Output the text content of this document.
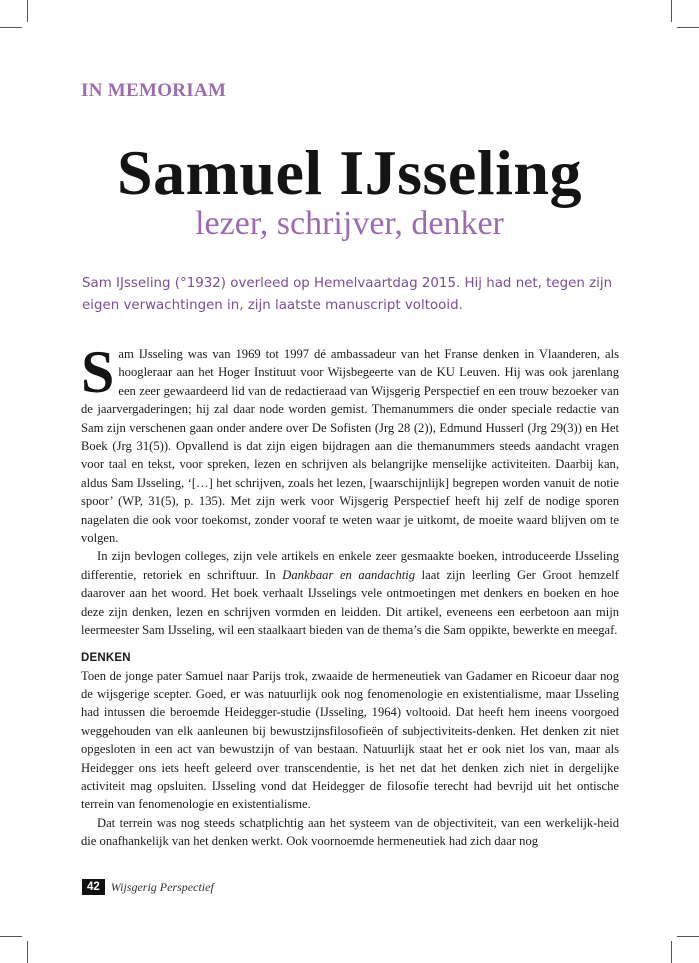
IN MEMORIAM
Samuel IJsseling
lezer, schrijver, denker
Sam IJsseling (°1932) overleed op Hemelvaartdag 2015. Hij had net, tegen zijn eigen verwachtingen in, zijn laatste manuscript voltooid.

Sam IJsseling was van 1969 tot 1997 dé ambassadeur van het Franse denken in Vlaanderen, als hoogleraar aan het Hoger Instituut voor Wijsbegeerte van de KU Leuven. Hij was ook jarenlang een zeer gewaardeerd lid van de redactieraad van Wijsgerig Perspectief en een trouw bezoeker van de jaarvergaderingen; hij zal daar node worden gemist. Themanummers die onder speciale redactie van Sam zijn verschenen gaan onder andere over De Sofisten (Jrg 28 (2)), Edmund Husserl (Jrg 29(3)) en Het Boek (Jrg 31(5)). Opvallend is dat zijn eigen bijdragen aan die themanummers steeds aandacht vragen voor taal en tekst, voor spreken, lezen en schrijven als belangrijke menselijke activiteiten. Daarbij kan, aldus Sam IJsseling, ‘[…] het schrijven, zoals het lezen, [waarschijnlijk] begrepen worden vanuit de notie spoor’ (WP, 31(5), p. 135). Met zijn werk voor Wijsgerig Perspectief heeft hij zelf de nodige sporen nagelaten die ook voor toekomst, zonder vooraf te weten waar je uitkomt, de moeite waard blijven om te volgen.

In zijn bevlogen colleges, zijn vele artikels en enkele zeer gesmaakte boeken, introduceerde IJsseling differentie, retoriek en schriftuur. In Dankbaar en aandachtig laat zijn leerling Ger Groot hemzelf daarover aan het woord. Het boek verhaalt IJsselings vele ontmoetingen met denkers en boeken en hoe deze zijn denken, lezen en schrijven vormden en leidden. Dit artikel, eveneens een eerbetoon aan mijn leermeester Sam IJsseling, wil een staalkaart bieden van de thema’s die Sam oppikte, bewerkte en meegaf.

DENKEN

Toen de jonge pater Samuel naar Parijs trok, zwaaide de hermeneutiek van Gadamer en Ricoeur daar nog de wijsgerige scepter. Goed, er was natuurlijk ook nog fenomenologie en existentialisme, maar IJsseling had intussen die beroemde Heidegger-studie (IJsseling, 1964) voltooid. Dat heeft hem ineens voorgoed weggehouden van elk aanleunen bij bewustzijnsfilosofieën of subjectiviteits-denken. Het denken zit niet opgesloten in een act van bewustzijn of van bestaan. Natuurlijk staat het er ook niet los van, maar als Heidegger ons iets heeft geleerd over transcendentie, is het net dat het denken zich niet in dergelijke activiteit mag opsluiten. IJsseling vond dat Heidegger de filosofie terecht had bevrijd uit het ontische terrein van fenomenologie en existentialisme.

Dat terrein was nog steeds schatplichtig aan het systeem van de objectiviteit, van een werkelijk-heid die onafhankelijk van het denken werkt. Ook voornoemde hermeneutiek had zich daar nog

42 Wijsgerig Perspectief
